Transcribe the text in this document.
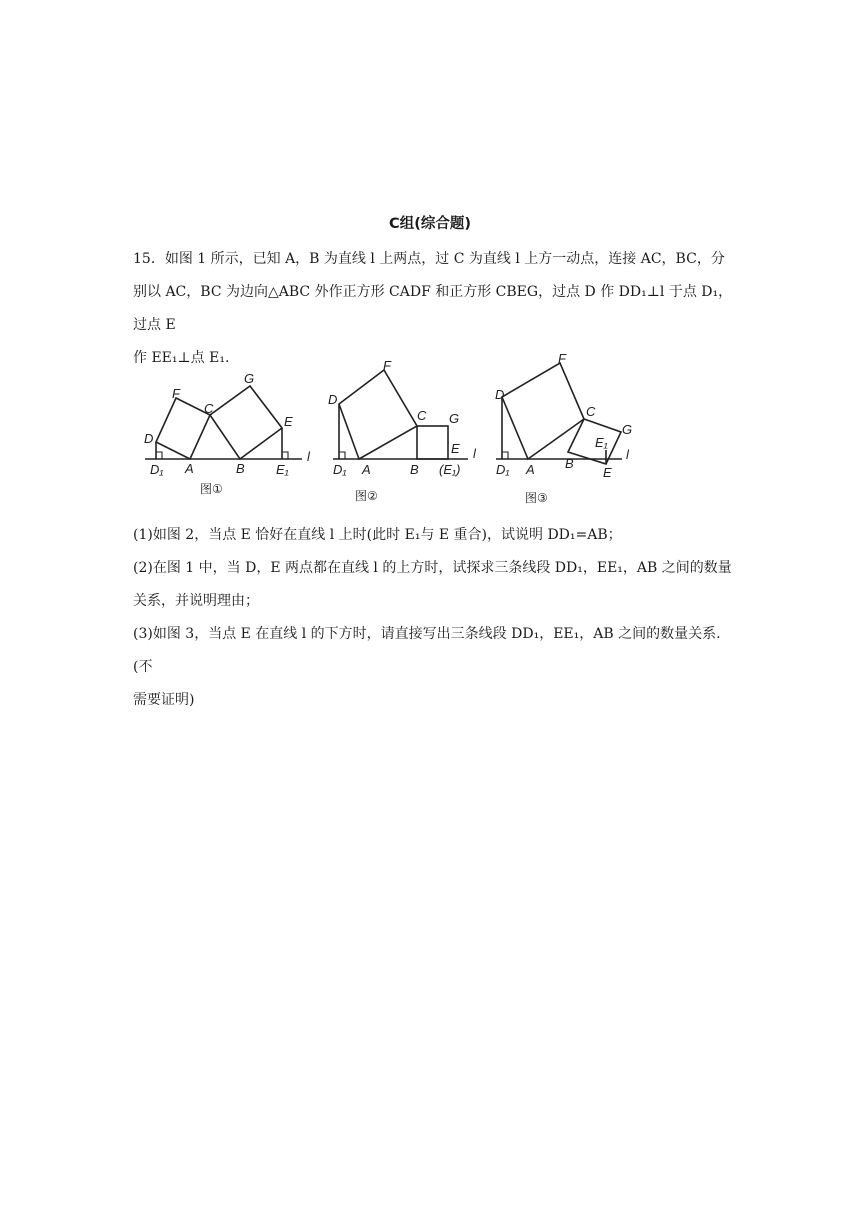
C组(综合题)
15．如图 1 所示，已知 A，B 为直线 l 上两点，过 C 为直线 l 上方一动点，连接 AC，BC，分
别以 AC，BC 为边向△ABC 外作正方形 CADF 和正方形 CBEG，过点 D 作 DD₁⊥l 于点 D₁，过点 E
作 EE₁⊥点 E₁.
F
C
G
D
E
l
D₁ A	B E₁
图①
F
D
C G
E l
D₁ A	B (E₁)
图②
F
D
C
E₁
G
l
D₁ A B
E
图③
(1)如图 2，当点 E 恰好在直线 l 上时(此时 E₁与 E 重合)，试说明 DD₁=AB；
(2)在图 1 中，当 D，E 两点都在直线 l 的上方时，试探求三条线段 DD₁，EE₁，AB 之间的数量
关系，并说明理由；
(3)如图 3，当点 E 在直线 l 的下方时，请直接写出三条线段 DD₁，EE₁，AB 之间的数量关系.(不
需要证明)
